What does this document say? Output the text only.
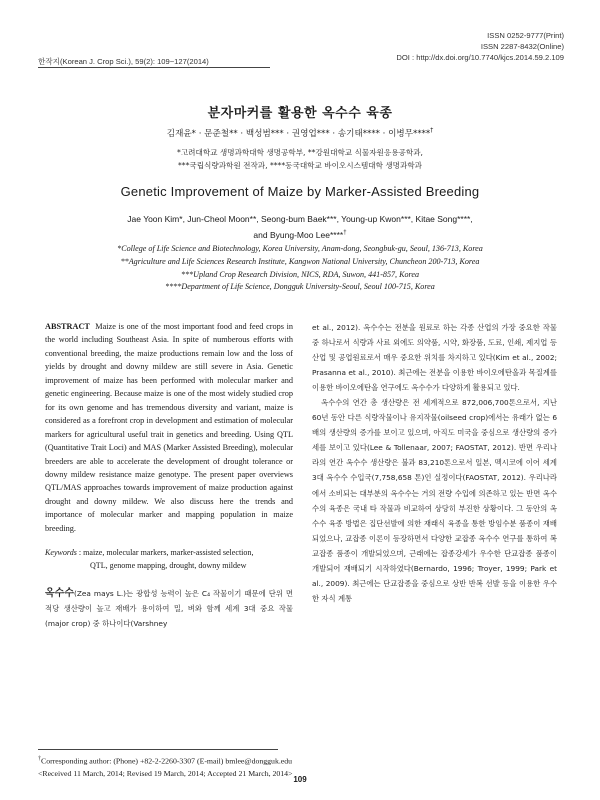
한작지(Korean J. Crop Sci.), 59(2): 109~127(2014)
ISSN 0252-9777(Print)
ISSN 2287-8432(Online)
DOI : http://dx.doi.org/10.7740/kjcs.2014.59.2.109
분자마커를 활용한 옥수수 육종
김재윤* · 문준철** · 백성범*** · 권영업*** · 송기태**** · 이병무****†
*고려대학교 생명과학대학 생명공학부, **강원대학교 식물자원응용공학과,
***국립식량과학원 전작과, ****동국대학교 바이오시스템대학 생명과학과
Genetic Improvement of Maize by Marker-Assisted Breeding
Jae Yoon Kim*, Jun-Cheol Moon**, Seong-bum Baek***, Young-up Kwon***, Kitae Song****,
and Byung-Moo Lee****†
*College of Life Science and Biotechnology, Korea University, Anam-dong, Seongbuk-gu, Seoul, 136-713, Korea
**Agriculture and Life Sciences Research Institute, Kangwon National University, Chuncheon 200-713, Korea
***Upland Crop Research Division, NICS, RDA, Suwon, 441-857, Korea
****Department of Life Science, Dongguk University-Seoul, Seoul 100-715, Korea
ABSTRACT Maize is one of the most important food and feed crops in the world including Southeast Asia. In spite of numberous efforts with conventional breeding, the maize productions remain low and the loss of yields by drought and downy mildew are still severe in Asia. Genetic improvement of maize has been performed with molecular marker and genetic engineering. Because maize is one of the most widely studied crop for its own genome and has tremendous diversity and variant, maize is considered as a forefront crop in development and estimation of molecular markers for agricultural useful trait in genetics and breeding. Using QTL (Quantitative Trait Loci) and MAS (Marker Assisted Breeding), molecular breeders are able to accelerate the development of drought tolerance or downy mildew resistance maize genotype. The present paper overviews QTL/MAS approaches towards improvement of maize production against drought and downy mildew. We also discuss here the trends and importance of molecular marker and mapping population in maize breeding.
Keywords : maize, molecular markers, marker-assisted selection,
QTL, genome mapping, drought, downy mildew
옥수수(Zea mays L.)는 광합성 능력이 높은 C₄ 작물이기 때문에 단위 면적당 생산량이 높고 재배가 용이하여 밀, 벼와 함께 세계 3대 중요 작물(major crop) 중 하나이다(Varshney

et al., 2012). 옥수수는 전분을 원료로 하는 각종 산업의 가장 중요한 작물 중 하나로서 식량과 사료 외에도 의약품, 시약, 화장품, 도료, 인쇄, 제지업 등 산업 및 공업원료로서 매우 중요한 위치를 차지하고 있다(Kim et al., 2002; Prasanna et al., 2010). 최근에는 전분을 이용한 바이오에탄올과 목질계를 이용한 바이오에탄올 연구에도 옥수수가 다양하게 활용되고 있다.

옥수수의 연간 총 생산량은 전 세계적으로 872,006,700톤으로서, 지난 60년 동안 다른 식량작물이나 유지작물(oilseed crop)에서는 유래가 없는 6배의 생산량의 증가를 보이고 있으며, 아직도 미국을 중심으로 생산량의 증가세를 보이고 있다(Lee & Tollenaar, 2007; FAOSTAT, 2012). 반면 우리나라의 연간 옥수수 생산량은 불과 83,210톤으로서 일본, 멕시코에 이어 세계 3대 옥수수 수입국(7,758,658 톤)인 실정이다(FAOSTAT, 2012). 우리나라에서 소비되는 대부분의 옥수수는 거의 전량 수입에 의존하고 있는 반면 옥수수의 육종은 국내 타 작물과 비교하여 상당히 부진한 상황이다. 그 동안의 옥수수 육종 방법은 집단선발에 의한 재래식 육종을 통한 방임수분 품종이 재배되었으나, 교잡종 이론이 등장하면서 다양한 교잡종 옥수수 연구를 통하여 복교잡종 품종이 개발되었으며, 근래에는 잡종강세가 우수한 단교잡종 품종이 개발되어 재배되기 시작하였다(Bernardo, 1996; Troyer, 1999; Park et al., 2009). 최근에는 단교잡종을 중심으로 상반 반복 선발 등을 이용한 우수한 자식 계통

†Corresponding author: (Phone) +82-2-2260-3307 (E-mail) bmlee@dongguk.edu
<Received 11 March, 2014; Revised 19 March, 2014; Accepted 21 March, 2014>
109
